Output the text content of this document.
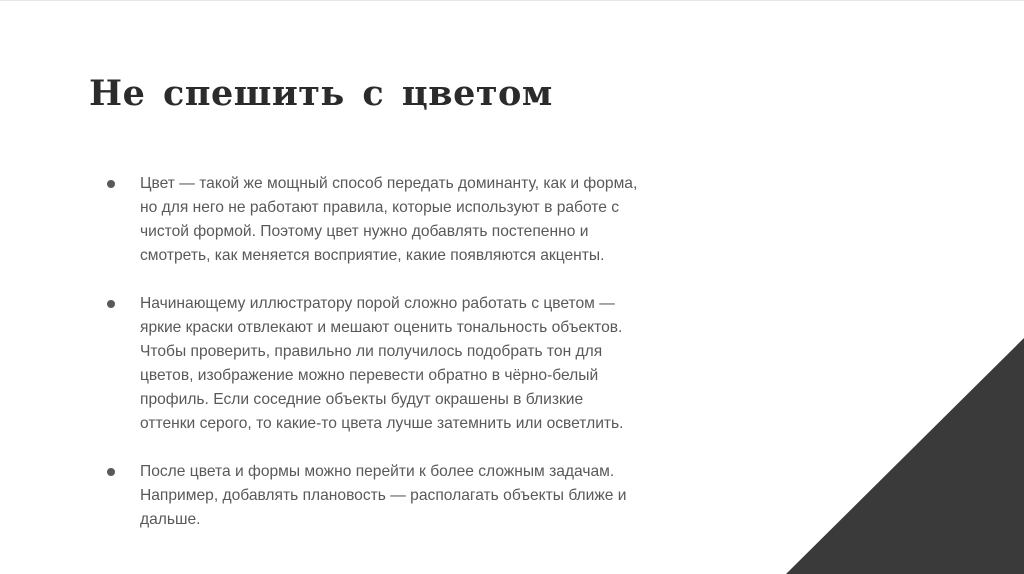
Не спешить с цветом
Цвет — такой же мощный способ передать доминанту, как и форма,
но для него не работают правила, которые используют в работе с
чистой формой. Поэтому цвет нужно добавлять постепенно и
смотреть, как меняется восприятие, какие появляются акценты.
Начинающему иллюстратору порой сложно работать с цветом —
яркие краски отвлекают и мешают оценить тональность объектов.
Чтобы проверить, правильно ли получилось подобрать тон для
цветов, изображение можно перевести обратно в чёрно-белый
профиль. Если соседние объекты будут окрашены в близкие
оттенки серого, то какие-то цвета лучше затемнить или осветлить.
После цвета и формы можно перейти к более сложным задачам.
Например, добавлять плановость — располагать объекты ближе и
дальше.
